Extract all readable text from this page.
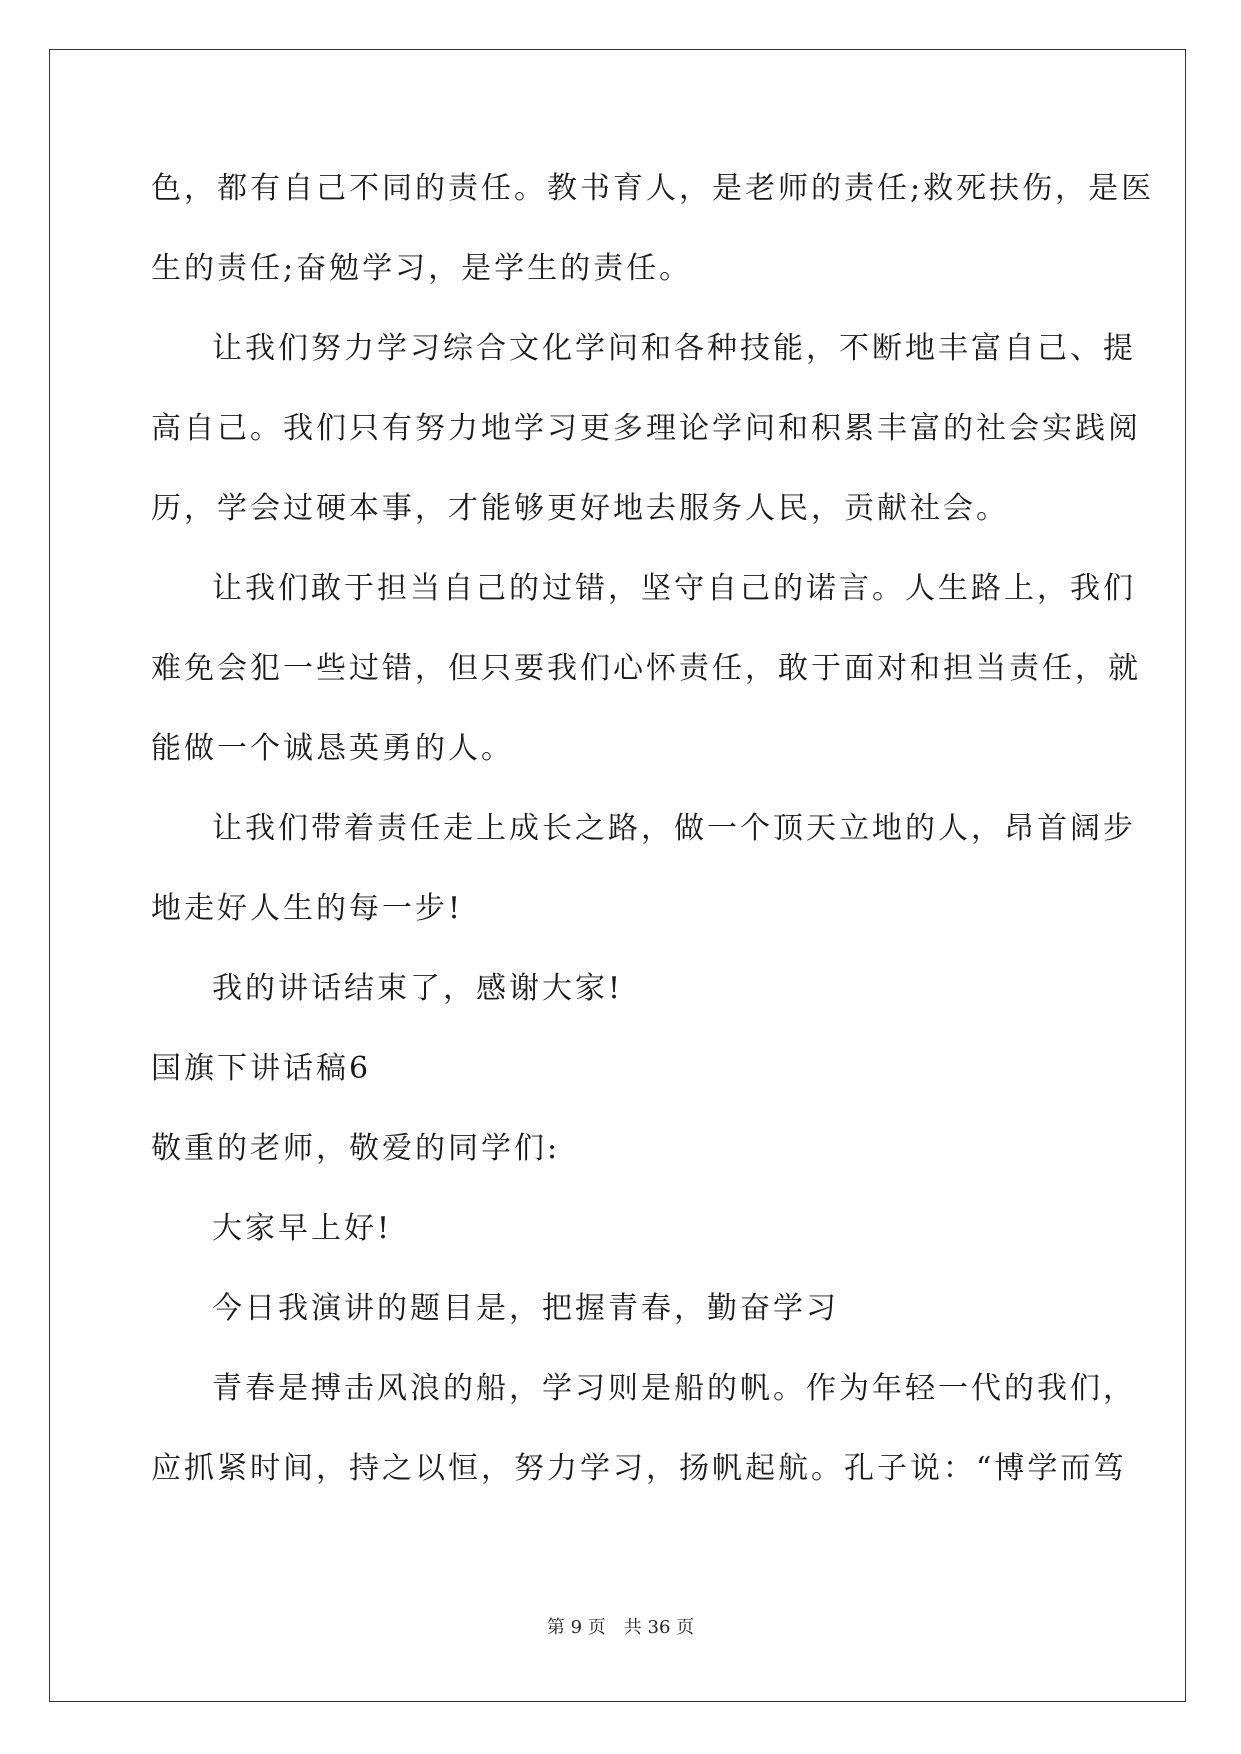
色，都有自己不同的责任。教书育人，是老师的责任;救死扶伤，是医
生的责任;奋勉学习，是学生的责任。
让我们努力学习综合文化学问和各种技能，不断地丰富自己、提
高自己。我们只有努力地学习更多理论学问和积累丰富的社会实践阅
历，学会过硬本事，才能够更好地去服务人民，贡献社会。
让我们敢于担当自己的过错，坚守自己的诺言。人生路上，我们
难免会犯一些过错，但只要我们心怀责任，敢于面对和担当责任，就
能做一个诚恳英勇的人。
让我们带着责任走上成长之路，做一个顶天立地的人，昂首阔步
地走好人生的每一步!
我的讲话结束了，感谢大家!
国旗下讲话稿6
敬重的老师，敬爱的同学们:
大家早上好!
今日我演讲的题目是，把握青春，勤奋学习
青春是搏击风浪的船，学习则是船的帆。作为年轻一代的我们，
应抓紧时间，持之以恒，努力学习，扬帆起航。孔子说：“博学而笃
第 9 页 共 36 页
